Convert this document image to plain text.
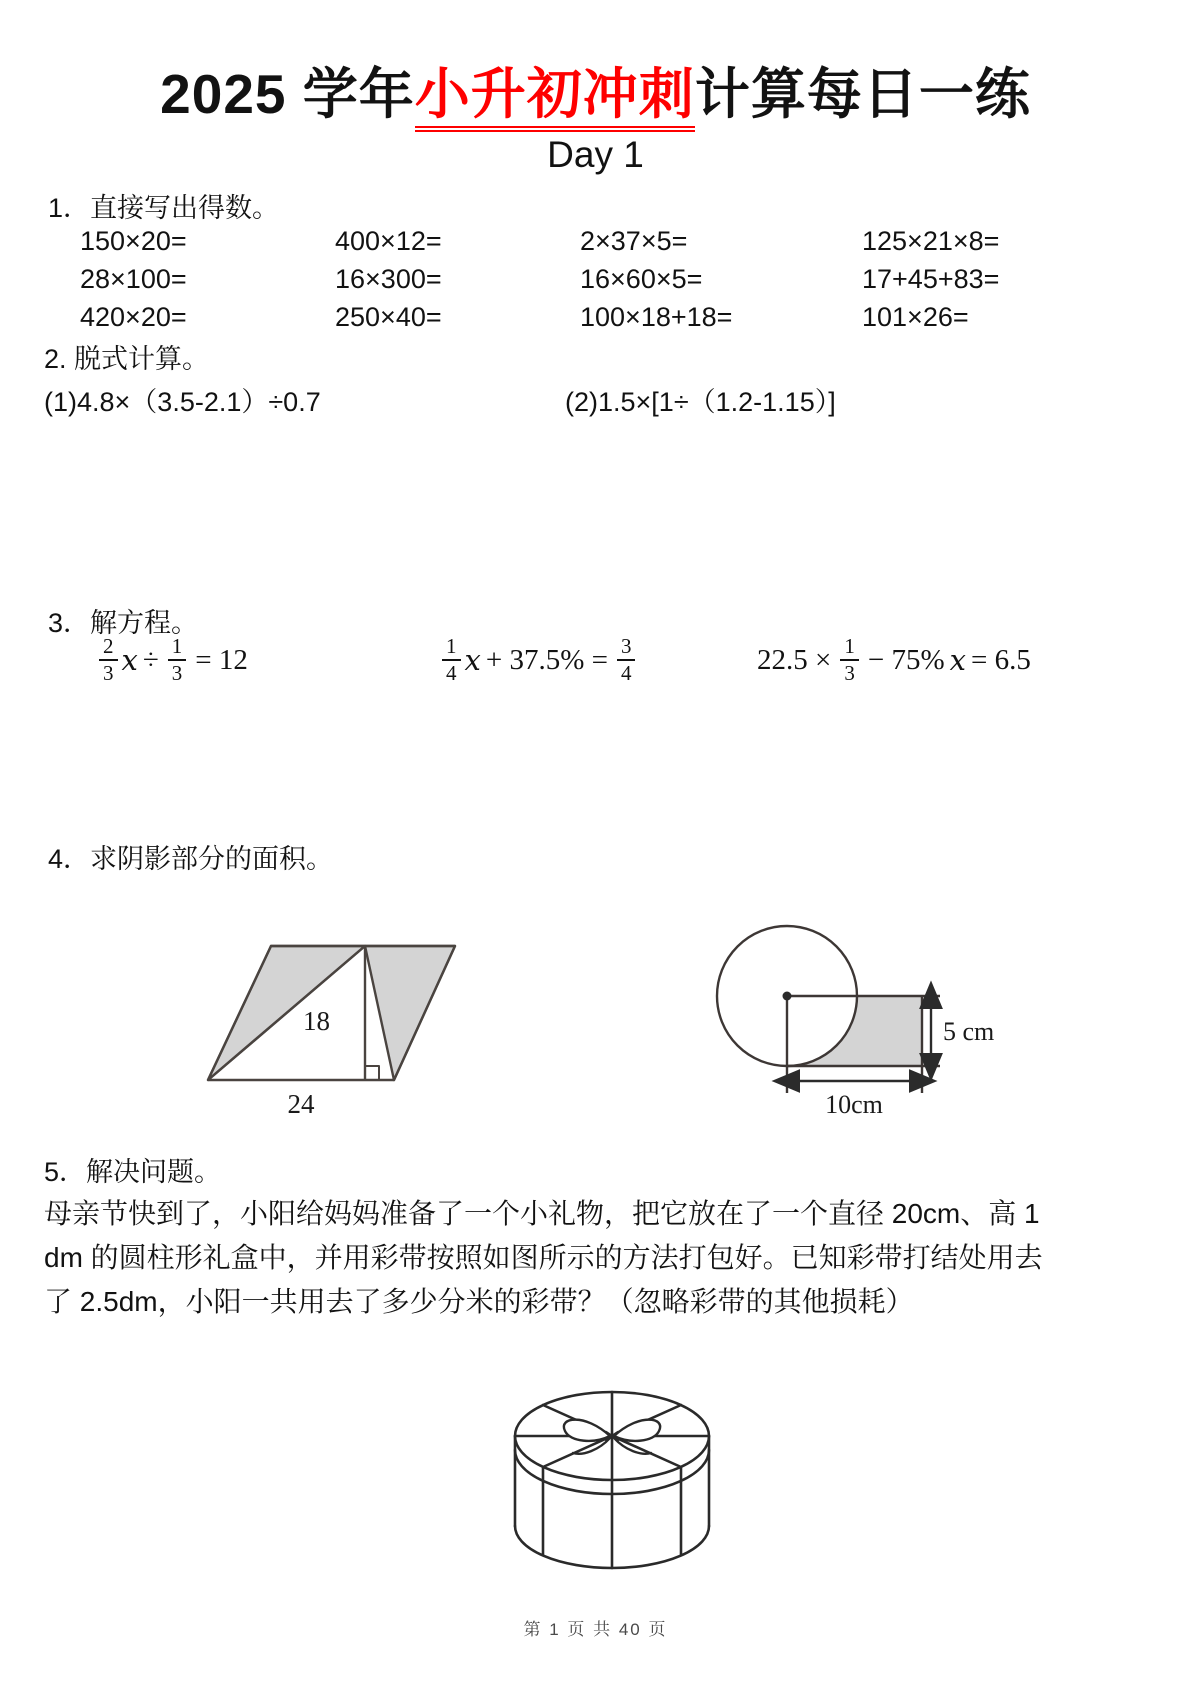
2025 学年小升初冲刺计算每日一练
Day 1
1．直接写出得数。
150×20=	400×12=	2×37×5=	125×21×8=
28×100=	16×300=	16×60×5=	17+45+83=
420×20=	250×40=	100×18+18=	101×26=
2. 脱式计算。
(1)4.8×（3.5-2.1）÷0.7	(2)1.5×[1÷（1.2-1.15）]
3．解方程。
$\frac{2}{3}$ $x \div \frac{1}{3} = 12$	$\frac{1}{4}$ $x + 37.5\% = \frac{3}{4}$	$22.5 \times \frac{1}{3} - 75\%$ x = 6.5
4．求阴影部分的面积。
18
24
5 cm
10cm
5．解决问题。
母亲节快到了，小阳给妈妈准备了一个小礼物，把它放在了一个直径 20cm、高 1
dm 的圆柱形礼盒中，并用彩带按照如图所示的方法打包好。已知彩带打结处用去
了 2.5dm，小阳一共用去了多少分米的彩带？（忽略彩带的其他损耗）
第 1 页 共 40 页
